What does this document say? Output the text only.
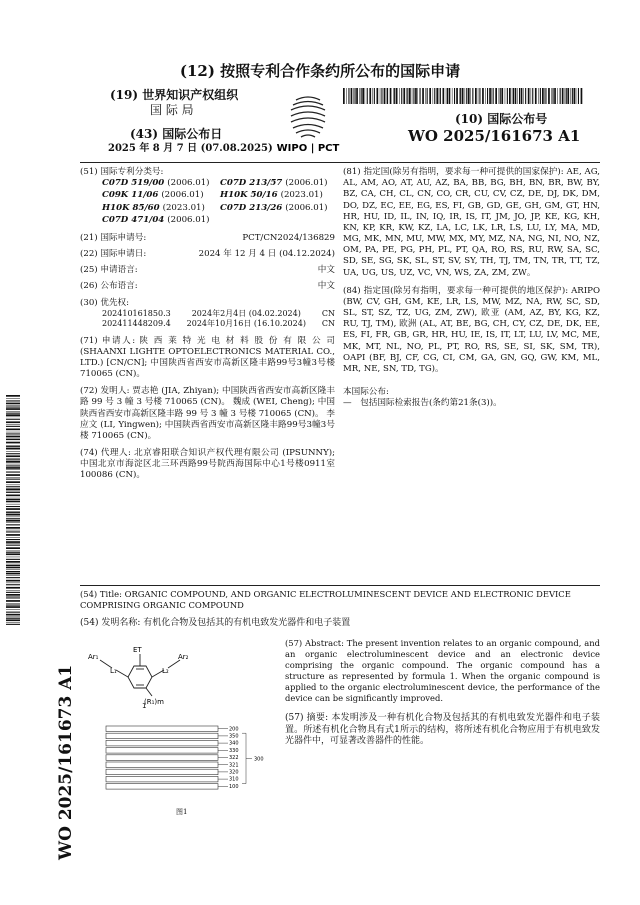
(12) 按照专利合作条约所公布的国际申请
(19) 世界知识产权组织
国 际 局
(43) 国际公布日
2025 年 8 月 7 日 (07.08.2025) WIPO | PCT
(10) 国际公布号
WO 2025/161673 A1
(51) 国际专利分类号:
C07D 519/00 (2006.01)	C07D 213/57 (2006.01)
C09K 11/06 (2006.01)	H10K 50/16 (2023.01)
H10K 85/60 (2023.01)	C07D 213/26 (2006.01)
C07D 471/04 (2006.01)
(21) 国际申请号:	PCT/CN2024/136829
(22) 国际申请日:	2024 年 12 月 4 日 (04.12.2024)
(25) 申请语言:	中文
(26) 公布语言:	中文
(30) 优先权:
202410161850.3	2024年2月4日 (04.02.2024)	CN
202411448209.4 2024年10月16日 (16.10.2024) CN
(71) 申请人: 陕 西 莱 特 光 电 材 料 股 份 有 限 公 司 (SHAANXI LIGHTE OPTOELECTRONICS MATERIAL CO., LTD.) [CN/CN]; 中国陕西省西安市高新区隆丰路99号3幢3号楼 710065 (CN)。
(72) 发明人: 贾志艳 (JIA, Zhiyan); 中国陕西省西安市高新区隆丰路 99 号 3 幢 3 号楼 710065 (CN)。 魏成 (WEI, Cheng); 中国陕西省西安市高新区隆丰路 99 号 3 幢 3 号楼 710065 (CN)。 李应文 (LI, Yingwen); 中国陕西省西安市高新区隆丰路99号3幢3号楼 710065 (CN)。
(74) 代理人: 北京睿阳联合知识产权代理有限公司 (IPSUNNY); 中国北京市海淀区北三环西路99号院西海国际中心1号楼0911室 100086 (CN)。
(81) 指定国(除另有指明，要求每一种可提供的国家保护): AE, AG, AL, AM, AO, AT, AU, AZ, BA, BB, BG, BH, BN, BR, BW, BY, BZ, CA, CH, CL, CN, CO, CR, CU, CV, CZ, DE, DJ, DK, DM, DO, DZ, EC, EE, EG, ES, FI, GB, GD, GE, GH, GM, GT, HN, HR, HU, ID, IL, IN, IQ, IR, IS, IT, JM, JO, JP, KE, KG, KH, KN, KP, KR, KW, KZ, LA, LC, LK, LR, LS, LU, LY, MA, MD, MG, MK, MN, MU, MW, MX, MY, MZ, NA, NG, NI, NO, NZ, OM, PA, PE, PG, PH, PL, PT, QA, RO, RS, RU, RW, SA, SC, SD, SE, SG, SK, SL, ST, SV, SY, TH, TJ, TM, TN, TR, TT, TZ, UA, UG, US, UZ, VC, VN, WS, ZA, ZM, ZW。
(84) 指定国(除另有指明，要求每一种可提供的地区保护): ARIPO (BW, CV, GH, GM, KE, LR, LS, MW, MZ, NA, RW, SC, SD, SL, ST, SZ, TZ, UG, ZM, ZW), 欧亚 (AM, AZ, BY, KG, KZ, RU, TJ, TM), 欧洲 (AL, AT, BE, BG, CH, CY, CZ, DE, DK, EE, ES, FI, FR, GB, GR, HR, HU, IE, IS, IT, LT, LU, LV, MC, ME, MK, MT, NL, NO, PL, PT, RO, RS, SE, SI, SK, SM, TR), OAPI (BF, BJ, CF, CG, CI, CM, GA, GN, GQ, GW, KM, ML, MR, NE, SN, TD, TG)。
本国际公布:
—　包括国际检索报告(条约第21条(3))。
WO 2025/161673 A1
(54) Title: ORGANIC COMPOUND, AND ORGANIC ELECTROLUMINESCENT DEVICE AND ELECTRONIC DEVICE COMPRISING ORGANIC COMPOUND
(54) 发明名称: 有机化合物及包括其的有机电致发光器件和电子装置
ET
L₁	L₂
Ar₁	Ar₂
(R₁)m
1
200
350
340
330
322
321
320
310
100
300
图1
(57) Abstract: The present invention relates to an organic compound, and an organic electroluminescent device and an electronic device comprising the organic compound. The organic compound has a structure as represented by formula 1. When the organic compound is applied to the organic electroluminescent device, the performance of the device can be significantly improved.
(57) 摘要: 本发明涉及一种有机化合物及包括其的有机电致发光器件和电子装置。所述有机化合物具有式1所示的结构，将所述有机化合物应用于有机电致发光器件中，可显著改善器件的性能。
